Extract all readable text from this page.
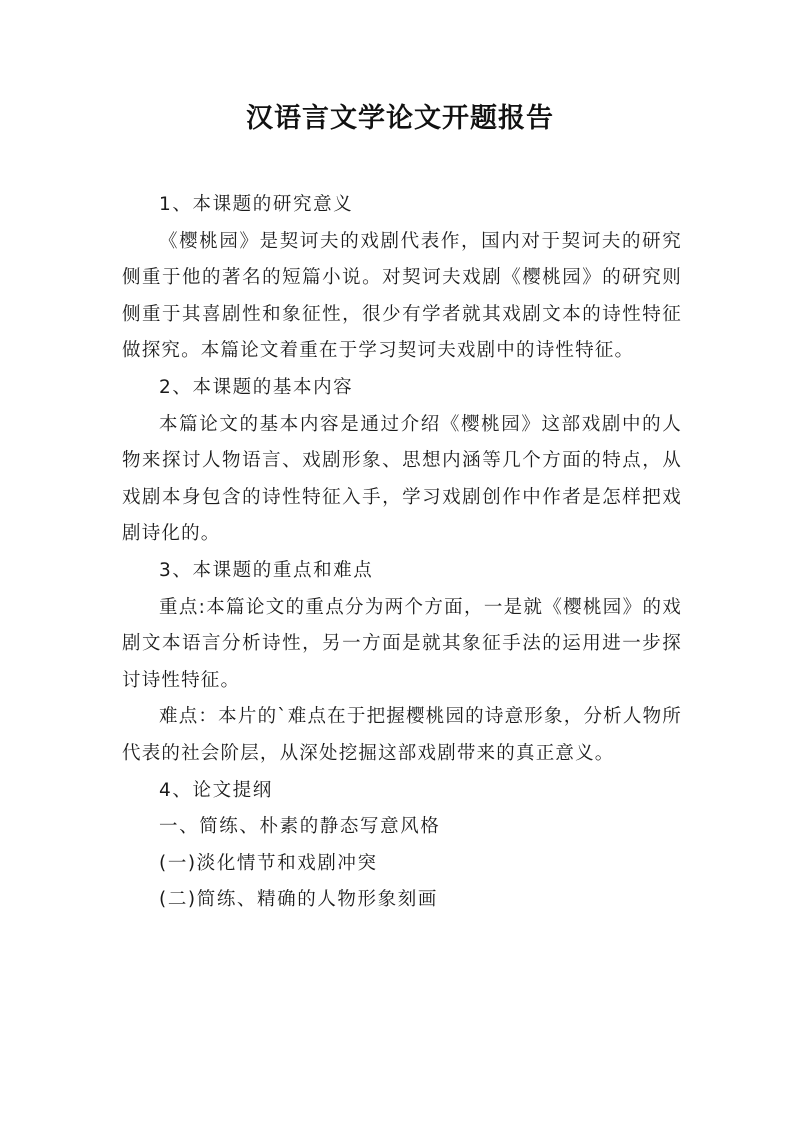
汉语言文学论文开题报告

1、本课题的研究意义

《樱桃园》是契诃夫的戏剧代表作，国内对于契诃夫的研究侧重于他的著名的短篇小说。对契诃夫戏剧《樱桃园》的研究则侧重于其喜剧性和象征性，很少有学者就其戏剧文本的诗性特征做探究。本篇论文着重在于学习契诃夫戏剧中的诗性特征。

2、本课题的基本内容

本篇论文的基本内容是通过介绍《樱桃园》这部戏剧中的人物来探讨人物语言、戏剧形象、思想内涵等几个方面的特点，从戏剧本身包含的诗性特征入手，学习戏剧创作中作者是怎样把戏剧诗化的。

3、本课题的重点和难点

重点:本篇论文的重点分为两个方面，一是就《樱桃园》的戏剧文本语言分析诗性，另一方面是就其象征手法的运用进一步探讨诗性特征。

难点：本片的`难点在于把握樱桃园的诗意形象，分析人物所代表的社会阶层，从深处挖掘这部戏剧带来的真正意义。

4、论文提纲

一、简练、朴素的静态写意风格

(一)淡化情节和戏剧冲突

(二)简练、精确的人物形象刻画
